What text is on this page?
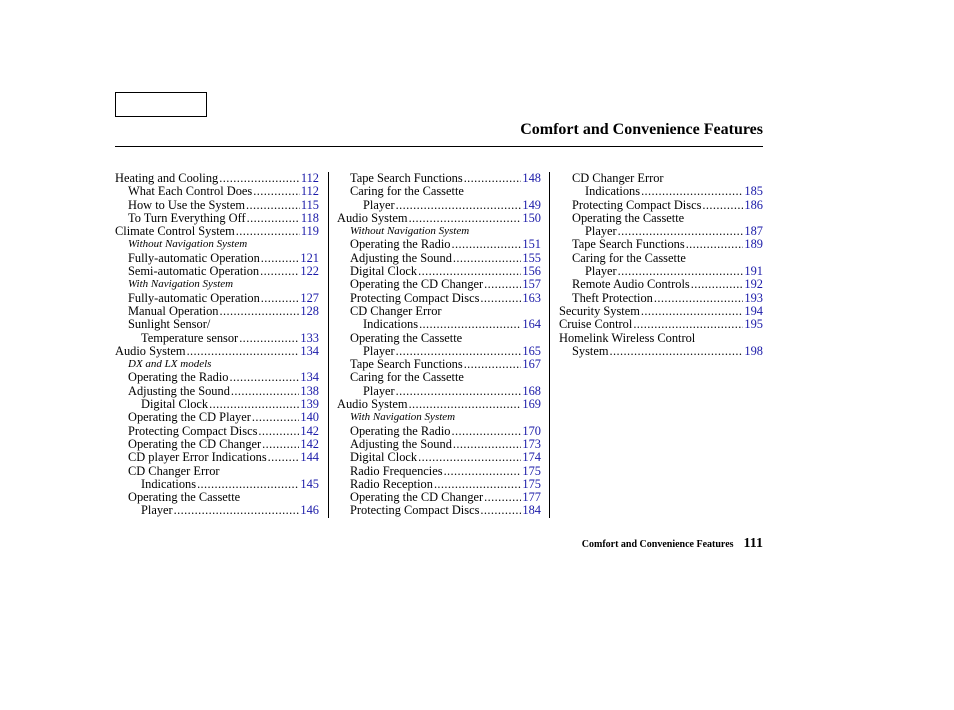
Comfort and Convenience Features
Heating and Cooling .....	112
What Each Control Does .....	112
How to Use the System .....	115
To Turn Everything Off .....	118
Climate Control System .....	119
Without Navigation System
Fully-automatic Operation .....	121
Semi-automatic Operation .....	122
With Navigation System
Fully-automatic Operation .....	127
Manual Operation .....	128
Sunlight Sensor/
Temperature sensor .....	133
Audio System .....	134
DX and LX models
Operating the Radio .....	134
Adjusting the Sound .....	138
Digital Clock .....	139
Operating the CD Player .....	140
Protecting Compact Discs .....	142
Operating the CD Changer .....	142
CD player Error Indications .....	144
CD Changer Error
Indications .....	145
Operating the Cassette
Player .....	146
Tape Search Functions .....	148
Caring for the Cassette
Player .....	149
Audio System .....	150
Without Navigation System
Operating the Radio .....	151
Adjusting the Sound .....	155
Digital Clock .....	156
Operating the CD Changer .....	157
Protecting Compact Discs .....	163
CD Changer Error
Indications .....	164
Operating the Cassette
Player .....	165
Tape Search Functions .....	167
Caring for the Cassette
Player .....	168
Audio System .....	169
With Navigation System
Operating the Radio .....	170
Adjusting the Sound .....	173
Digital Clock .....	174
Radio Frequencies .....	175
Radio Reception .....	175
Operating the CD Changer .....	177
Protecting Compact Discs .....	184
CD Changer Error
Indications .....	185
Protecting Compact Discs .....	186
Operating the Cassette
Player .....	187
Tape Search Functions .....	189
Caring for the Cassette
Player .....	191
Remote Audio Controls .....	192
Theft Protection .....	193
Security System .....	194
Cruise Control .....	195
Homelink Wireless Control
System .....	198
Comfort and Convenience Features 111
